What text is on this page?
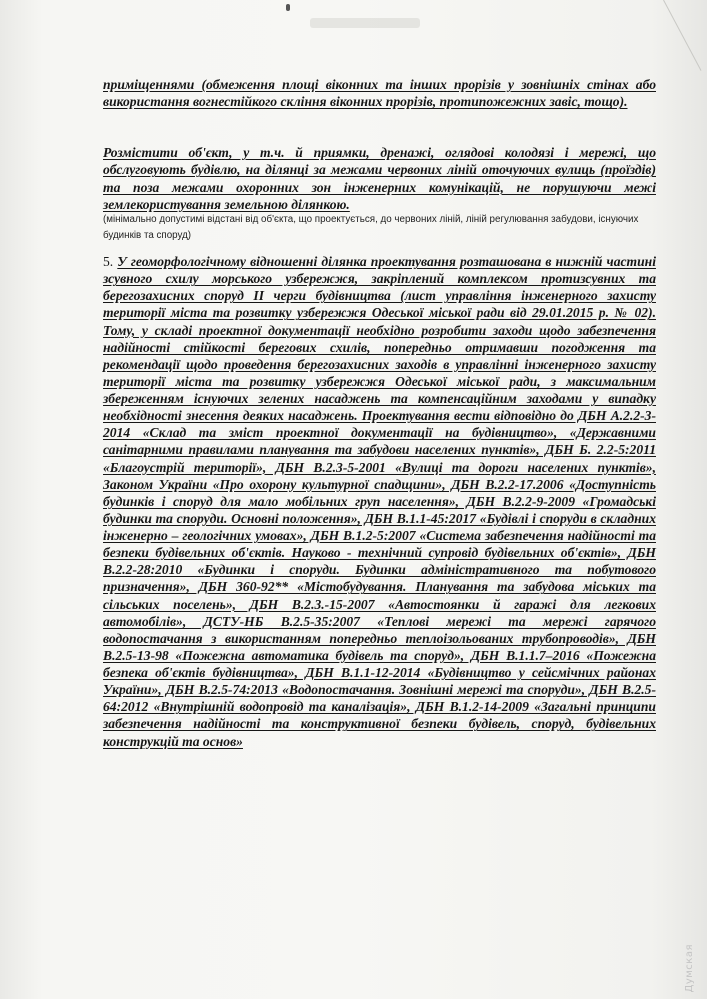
приміщеннями (обмеження площі віконних та інших прорізів у зовнішніх стінах або використання вогнестійкого скління віконних прорізів, протипожежних завіс, тощо).

Розмістити об'єкт, у т.ч. й приямки, дренажі, оглядові колодязі і мережі, що обслуговують будівлю, на ділянці за межами червоних ліній оточуючих вулиць (проїздів) та поза межами охоронних зон інженерних комунікацій, не порушуючи межі землекористування земельною ділянкою.

(мінімально допустимі відстані від об'єкта, що проектується, до червоних ліній, ліній регулювання забудови, існуючих будинків та споруд)

5. У геоморфологічному відношенні ділянка проектування розташована в нижній частині зсувного схилу морського узбережжя, закріплений комплексом протизсувних та берегозахисних споруд II черги будівництва (лист управління інженерного захисту території міста та розвитку узбережжя Одеської міської ради від 29.01.2015 р. № 02). Тому, у складі проектної документації необхідно розробити заходи щодо забезпечення надійності стійкості берегових схилів, попередньо отримавши погодження та рекомендації щодо проведення берегозахисних заходів в управлінні інженерного захисту території міста та розвитку узбережжя Одеської міської ради, з максимальним збереженням існуючих зелених насаджень та компенсаційним заходами у випадку необхідності знесення деяких насаджень. Проектування вести відповідно до ДБН А.2.2-3-2014 «Склад та зміст проектної документації на будівництво», «Державними санітарними правилами планування та забудови населених пунктів», ДБН Б. 2.2-5:2011 «Благоустрій території», ДБН В.2.3-5-2001 «Вулиці та дороги населених пунктів», Законом України «Про охорону культурної спадщини», ДБН В.2.2-17.2006 «Доступність будинків і споруд для мало мобільних груп населення», ДБН В.2.2-9-2009 «Громадські будинки та споруди. Основні положення», ДБН В.1.1-45:2017 «Будівлі і споруди в складних інженерно – геологічних умовах», ДБН В.1.2-5:2007 «Система забезпечення надійності та безпеки будівельних об'єктів. Науково - технічний супровід будівельних об'єктів», ДБН В.2.2-28:2010 «Будинки і споруди. Будинки адміністративного та побутового призначення», ДБН 360-92** «Містобудування. Планування та забудова міських та сільських поселень», ДБН В.2.3.-15-2007 «Автостоянки й гаражі для легкових автомобілів», ДСТУ-НБ В.2.5-35:2007 «Теплові мережі та мережі гарячого водопостачання з використанням попередньо теплоізольованих трубопроводів», ДБН В.2.5-13-98 «Пожежна автоматика будівель та споруд», ДБН В.1.1.7–2016 «Пожежна безпека об'єктів будівництва», ДБН В.1.1-12-2014 «Будівництво у сейсмічних районах України», ДБН В.2.5-74:2013 «Водопостачання. Зовнішні мережі та споруди», ДБН В.2.5-64:2012 «Внутрішній водопровід та каналізація», ДБН В.1.2-14-2009 «Загальні принципи забезпечення надійності та конструктивної безпеки будівель, споруд, будівельних конструкцій та основ»

Думская
